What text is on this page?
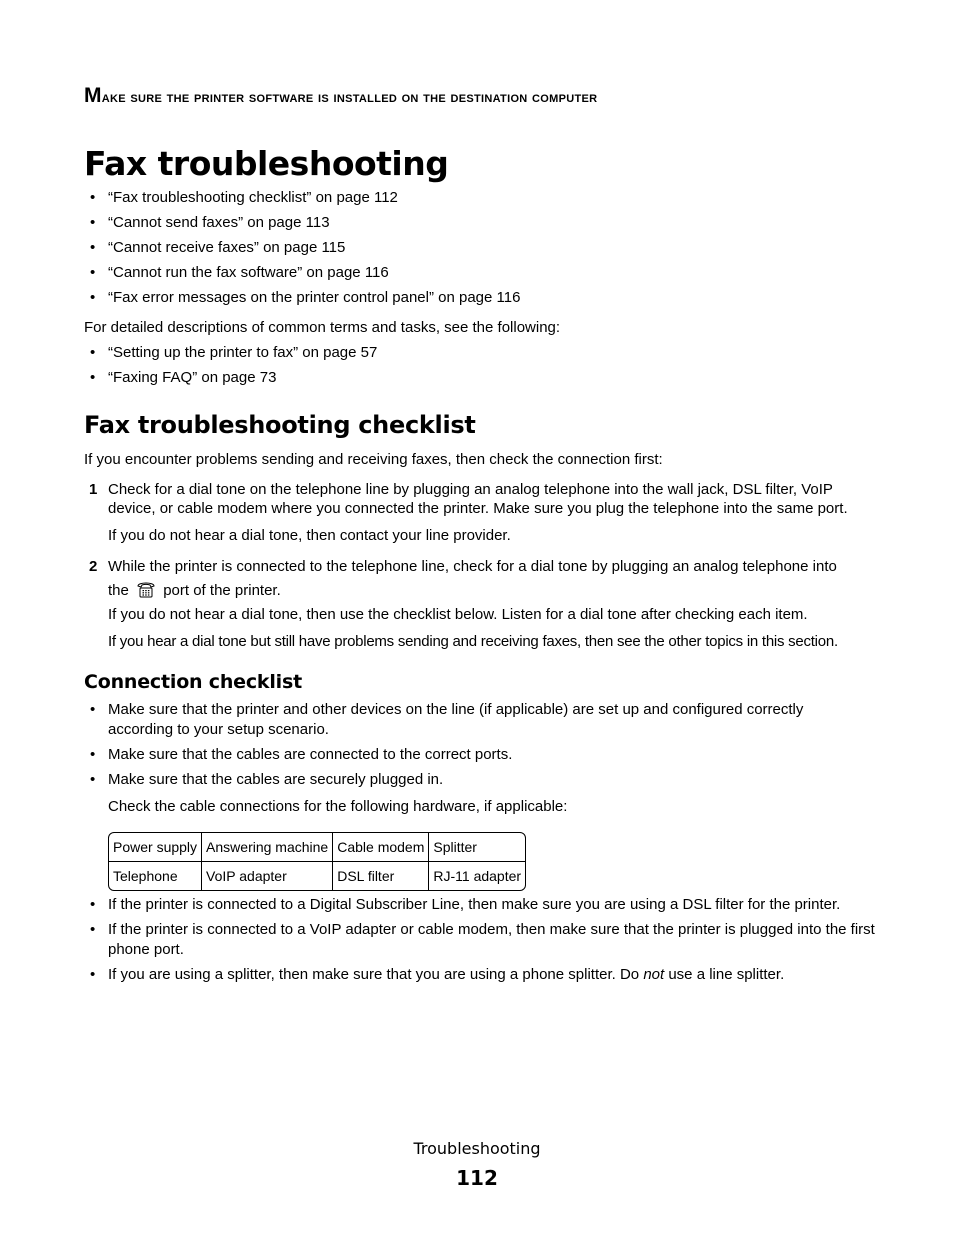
Make sure the printer software is installed on the destination computer

Fax troubleshooting
• “Fax troubleshooting checklist” on page 112

• “Cannot send faxes” on page 113

• “Cannot receive faxes” on page 115

• “Cannot run the fax software” on page 116

• “Fax error messages on the printer control panel” on page 116

For detailed descriptions of common terms and tasks, see the following:

• “Setting up the printer to fax” on page 57

• “Faxing FAQ” on page 73

Fax troubleshooting checklist

If you encounter problems sending and receiving faxes, then check the connection first:

1 Check for a dial tone on the telephone line by plugging an analog telephone into the wall jack, DSL filter, VoIP

device, or cable modem where you connected the printer. Make sure you plug the telephone into the same port.

If you do not hear a dial tone, then contact your line provider.

2 While the printer is connected to the telephone line, check for a dial tone by plugging an analog telephone into

the port of the printer.

If you do not hear a dial tone, then use the checklist below. Listen for a dial tone after checking each item.

If you hear a dial tone but still have problems sending and receiving faxes, then see the other topics in this section.

Connection checklist
• Make sure that the printer and other devices on the line (if applicable) are set up and configured correctly according to your setup scenario.

• Make sure that the cables are connected to the correct ports.

• Make sure that the cables are securely plugged in.

Check the cable connections for the following hardware, if applicable:

Power supply	Answering machine	Cable modem	Splitter
Telephone	VoIP adapter	DSL filter	RJ-11 adapter
• If the printer is connected to a Digital Subscriber Line, then make sure you are using a DSL filter for the printer.

• If the printer is connected to a VoIP adapter or cable modem, then make sure that the printer is plugged into the first phone port.

• If you are using a splitter, then make sure that you are using a phone splitter. Do not use a line splitter.

Troubleshooting
112
